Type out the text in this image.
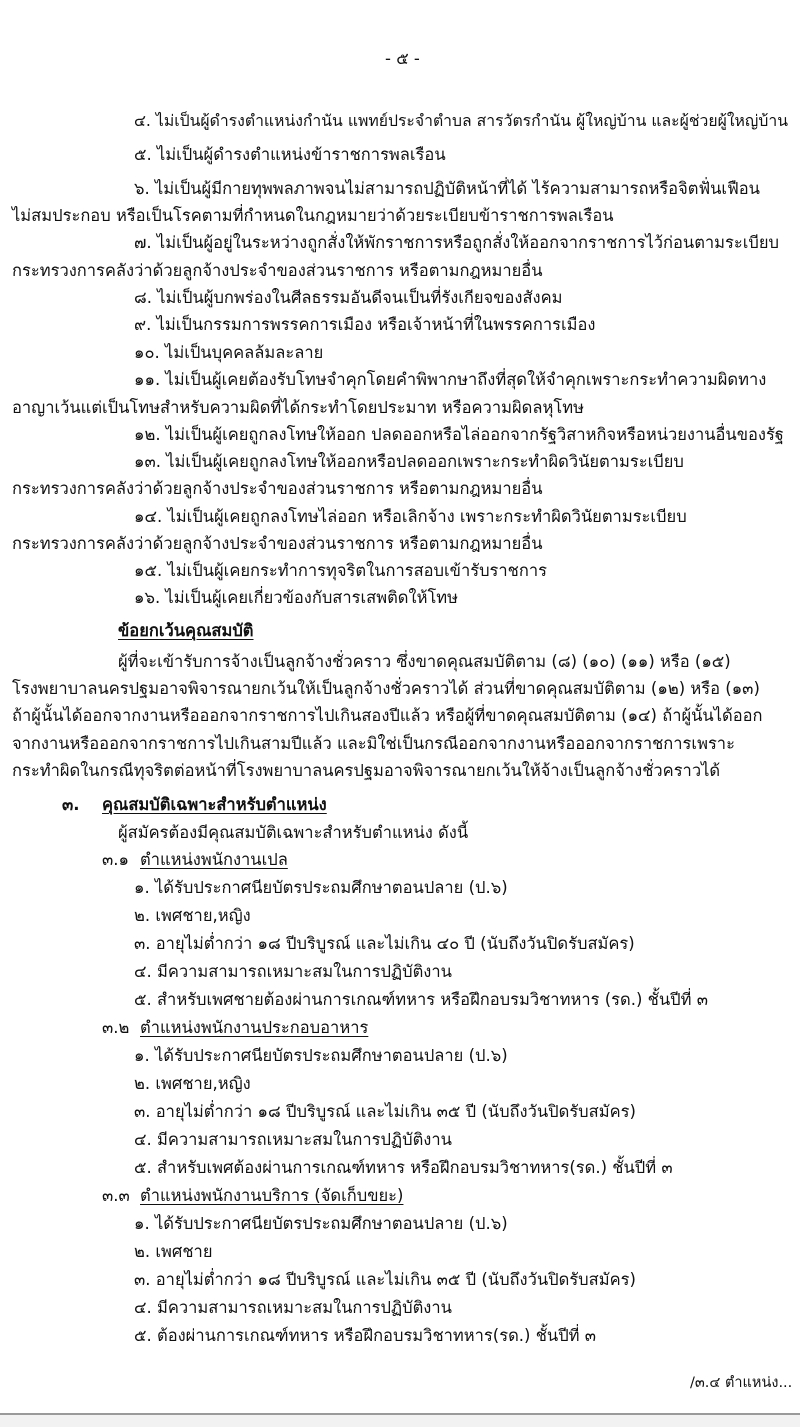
- ๕ -
๔. ไม่เป็นผู้ดำรงตำแหน่งกำนัน แพทย์ประจำตำบล สารวัตรกำนัน ผู้ใหญ่บ้าน และผู้ช่วยผู้ใหญ่บ้าน
๕. ไม่เป็นผู้ดำรงตำแหน่งข้าราชการพลเรือน
๖. ไม่เป็นผู้มีกายทุพพลภาพจนไม่สามารถปฏิบัติหน้าที่ได้ ไร้ความสามารถหรือจิตฟั่นเฟือน
ไม่สมประกอบ หรือเป็นโรคตามที่กำหนดในกฎหมายว่าด้วยระเบียบข้าราชการพลเรือน
๗. ไม่เป็นผู้อยู่ในระหว่างถูกสั่งให้พักราชการหรือถูกสั่งให้ออกจากราชการไว้ก่อนตามระเบียบ
กระทรวงการคลังว่าด้วยลูกจ้างประจำของส่วนราชการ หรือตามกฎหมายอื่น
๘. ไม่เป็นผู้บกพร่องในศีลธรรมอันดีจนเป็นที่รังเกียจของสังคม
๙. ไม่เป็นกรรมการพรรคการเมือง หรือเจ้าหน้าที่ในพรรคการเมือง
๑๐. ไม่เป็นบุคคลล้มละลาย
๑๑. ไม่เป็นผู้เคยต้องรับโทษจำคุกโดยคำพิพากษาถึงที่สุดให้จำคุกเพราะกระทำความผิดทาง
อาญาเว้นแต่เป็นโทษสำหรับความผิดที่ได้กระทำโดยประมาท หรือความผิดลหุโทษ
๑๒. ไม่เป็นผู้เคยถูกลงโทษให้ออก ปลดออกหรือไล่ออกจากรัฐวิสาหกิจหรือหน่วยงานอื่นของรัฐ
๑๓. ไม่เป็นผู้เคยถูกลงโทษให้ออกหรือปลดออกเพราะกระทำผิดวินัยตามระเบียบ
กระทรวงการคลังว่าด้วยลูกจ้างประจำของส่วนราชการ หรือตามกฎหมายอื่น
๑๔. ไม่เป็นผู้เคยถูกลงโทษไล่ออก หรือเลิกจ้าง เพราะกระทำผิดวินัยตามระเบียบ
กระทรวงการคลังว่าด้วยลูกจ้างประจำของส่วนราชการ หรือตามกฎหมายอื่น
๑๕. ไม่เป็นผู้เคยกระทำการทุจริตในการสอบเข้ารับราชการ
๑๖. ไม่เป็นผู้เคยเกี่ยวข้องกับสารเสพติดให้โทษ
ข้อยกเว้นคุณสมบัติ
ผู้ที่จะเข้ารับการจ้างเป็นลูกจ้างชั่วคราว ซึ่งขาดคุณสมบัติตาม (๘) (๑๐) (๑๑) หรือ (๑๕)
โรงพยาบาลนครปฐมอาจพิจารณายกเว้นให้เป็นลูกจ้างชั่วคราวได้ ส่วนที่ขาดคุณสมบัติตาม (๑๒) หรือ (๑๓)
ถ้าผู้นั้นได้ออกจากงานหรือออกจากราชการไปเกินสองปีแล้ว หรือผู้ที่ขาดคุณสมบัติตาม (๑๔) ถ้าผู้นั้นได้ออก
จากงานหรือออกจากราชการไปเกินสามปีแล้ว และมิใช่เป็นกรณีออกจากงานหรือออกจากราชการเพราะ
กระทำผิดในกรณีทุจริตต่อหน้าที่โรงพยาบาลนครปฐมอาจพิจารณายกเว้นให้จ้างเป็นลูกจ้างชั่วคราวได้
๓. คุณสมบัติเฉพาะสำหรับตำแหน่ง
ผู้สมัครต้องมีคุณสมบัติเฉพาะสำหรับตำแหน่ง ดังนี้
๓.๑ ตำแหน่งพนักงานเปล
๑. ได้รับประกาศนียบัตรประถมศึกษาตอนปลาย (ป.๖)
๒. เพศชาย,หญิง
๓. อายุไม่ต่ำกว่า ๑๘ ปีบริบูรณ์ และไม่เกิน ๔๐ ปี (นับถึงวันปิดรับสมัคร)
๔. มีความสามารถเหมาะสมในการปฏิบัติงาน
๕. สำหรับเพศชายต้องผ่านการเกณฑ์ทหาร หรือฝึกอบรมวิชาทหาร (รด.) ชั้นปีที่ ๓
๓.๒ ตำแหน่งพนักงานประกอบอาหาร
๑. ได้รับประกาศนียบัตรประถมศึกษาตอนปลาย (ป.๖)
๒. เพศชาย,หญิง
๓. อายุไม่ต่ำกว่า ๑๘ ปีบริบูรณ์ และไม่เกิน ๓๕ ปี (นับถึงวันปิดรับสมัคร)
๔. มีความสามารถเหมาะสมในการปฏิบัติงาน
๕. สำหรับเพศต้องผ่านการเกณฑ์ทหาร หรือฝึกอบรมวิชาทหาร(รด.) ชั้นปีที่ ๓
๓.๓ ตำแหน่งพนักงานบริการ (จัดเก็บขยะ)
๑. ได้รับประกาศนียบัตรประถมศึกษาตอนปลาย (ป.๖)
๒. เพศชาย
๓. อายุไม่ต่ำกว่า ๑๘ ปีบริบูรณ์ และไม่เกิน ๓๕ ปี (นับถึงวันปิดรับสมัคร)
๔. มีความสามารถเหมาะสมในการปฏิบัติงาน
๕. ต้องผ่านการเกณฑ์ทหาร หรือฝึกอบรมวิชาทหาร(รด.) ชั้นปีที่ ๓
/๓.๔ ตำแหน่ง...
